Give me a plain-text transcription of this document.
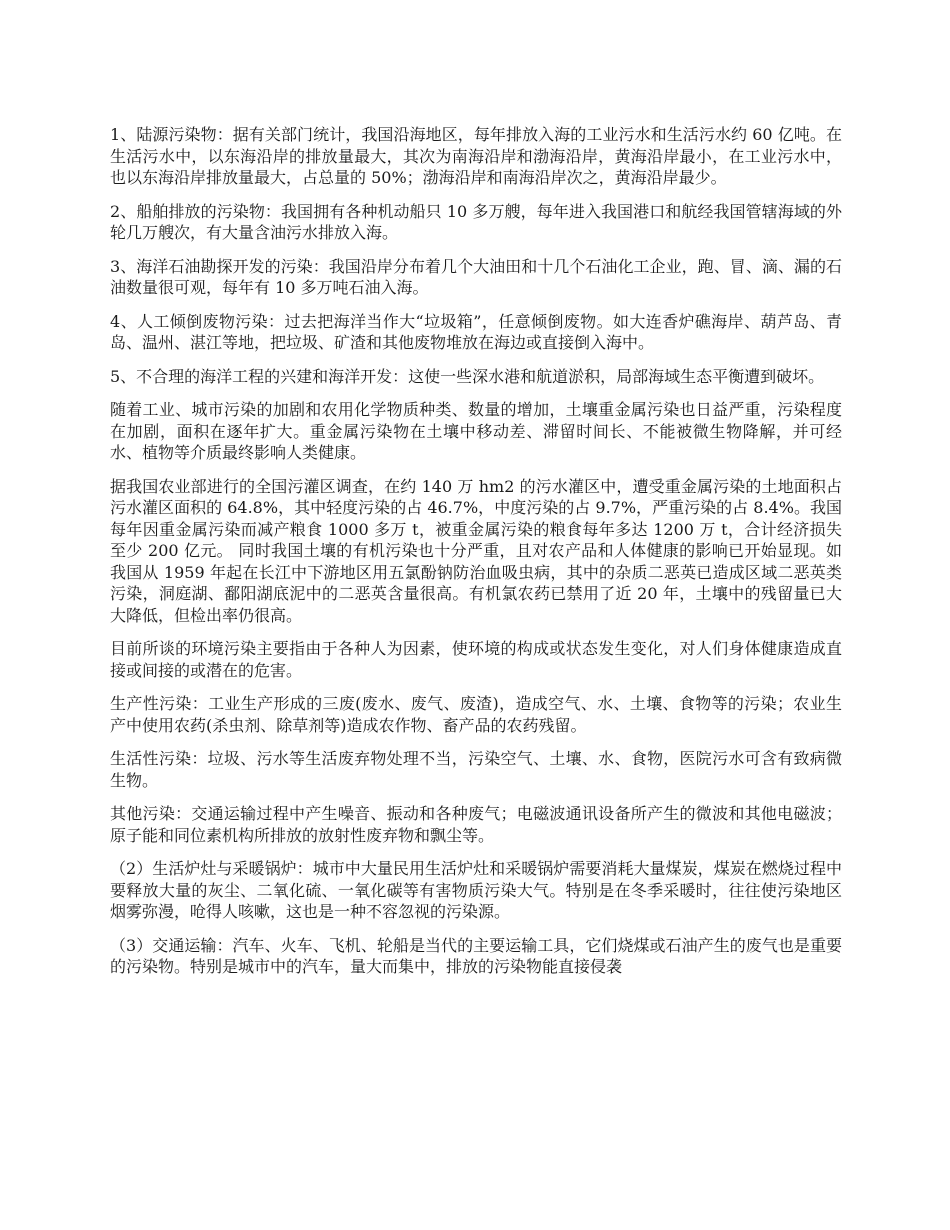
1、陆源污染物：据有关部门统计，我国沿海地区，每年排放入海的工业污水和生活污水约 60 亿吨。在生活污水中，以东海沿岸的排放量最大，其次为南海沿岸和渤海沿岸，黄海沿岸最小，在工业污水中，也以东海沿岸排放量最大，占总量的 50%；渤海沿岸和南海沿岸次之，黄海沿岸最少。

2、船舶排放的污染物：我国拥有各种机动船只 10 多万艘，每年进入我国港口和航经我国管辖海域的外轮几万艘次，有大量含油污水排放入海。

3、海洋石油勘探开发的污染：我国沿岸分布着几个大油田和十几个石油化工企业，跑、冒、滴、漏的石油数量很可观，每年有 10 多万吨石油入海。

4、人工倾倒废物污染：过去把海洋当作大“垃圾箱”，任意倾倒废物。如大连香炉礁海岸、葫芦岛、青岛、温州、湛江等地，把垃圾、矿渣和其他废物堆放在海边或直接倒入海中。

5、不合理的海洋工程的兴建和海洋开发：这使一些深水港和航道淤积，局部海域生态平衡遭到破坏。

随着工业、城市污染的加剧和农用化学物质种类、数量的增加，土壤重金属污染也日益严重，污染程度在加剧，面积在逐年扩大。重金属污染物在土壤中移动差、滞留时间长、不能被微生物降解，并可经水、植物等介质最终影响人类健康。

据我国农业部进行的全国污灌区调查，在约 140 万 hm2 的污水灌区中，遭受重金属污染的土地面积占污水灌区面积的 64.8%，其中轻度污染的占 46.7%，中度污染的占 9.7%，严重污染的占 8.4%。我国每年因重金属污染而减产粮食 1000 多万 t，被重金属污染的粮食每年多达 1200 万 t，合计经济损失至少 200 亿元。 同时我国土壤的有机污染也十分严重，且对农产品和人体健康的影响已开始显现。如我国从 1959 年起在长江中下游地区用五氯酚钠防治血吸虫病，其中的杂质二恶英已造成区域二恶英类污染，洞庭湖、鄱阳湖底泥中的二恶英含量很高。有机氯农药已禁用了近 20 年，土壤中的残留量已大大降低，但检出率仍很高。

目前所谈的环境污染主要指由于各种人为因素，使环境的构成或状态发生变化，对人们身体健康造成直接或间接的或潜在的危害。

生产性污染：工业生产形成的三废(废水、废气、废渣)，造成空气、水、土壤、食物等的污染；农业生产中使用农药(杀虫剂、除草剂等)造成农作物、畜产品的农药残留。

生活性污染：垃圾、污水等生活废弃物处理不当，污染空气、土壤、水、食物，医院污水可含有致病微生物。

其他污染：交通运输过程中产生噪音、振动和各种废气；电磁波通讯设备所产生的微波和其他电磁波；原子能和同位素机构所排放的放射性废弃物和飘尘等。

（2）生活炉灶与采暖锅炉：城市中大量民用生活炉灶和采暖锅炉需要消耗大量煤炭，煤炭在燃烧过程中要释放大量的灰尘、二氧化硫、一氧化碳等有害物质污染大气。特别是在冬季采暖时，往往使污染地区烟雾弥漫，呛得人咳嗽，这也是一种不容忽视的污染源。

（3）交通运输：汽车、火车、飞机、轮船是当代的主要运输工具，它们烧煤或石油产生的废气也是重要的污染物。特别是城市中的汽车，量大而集中，排放的污染物能直接侵袭
